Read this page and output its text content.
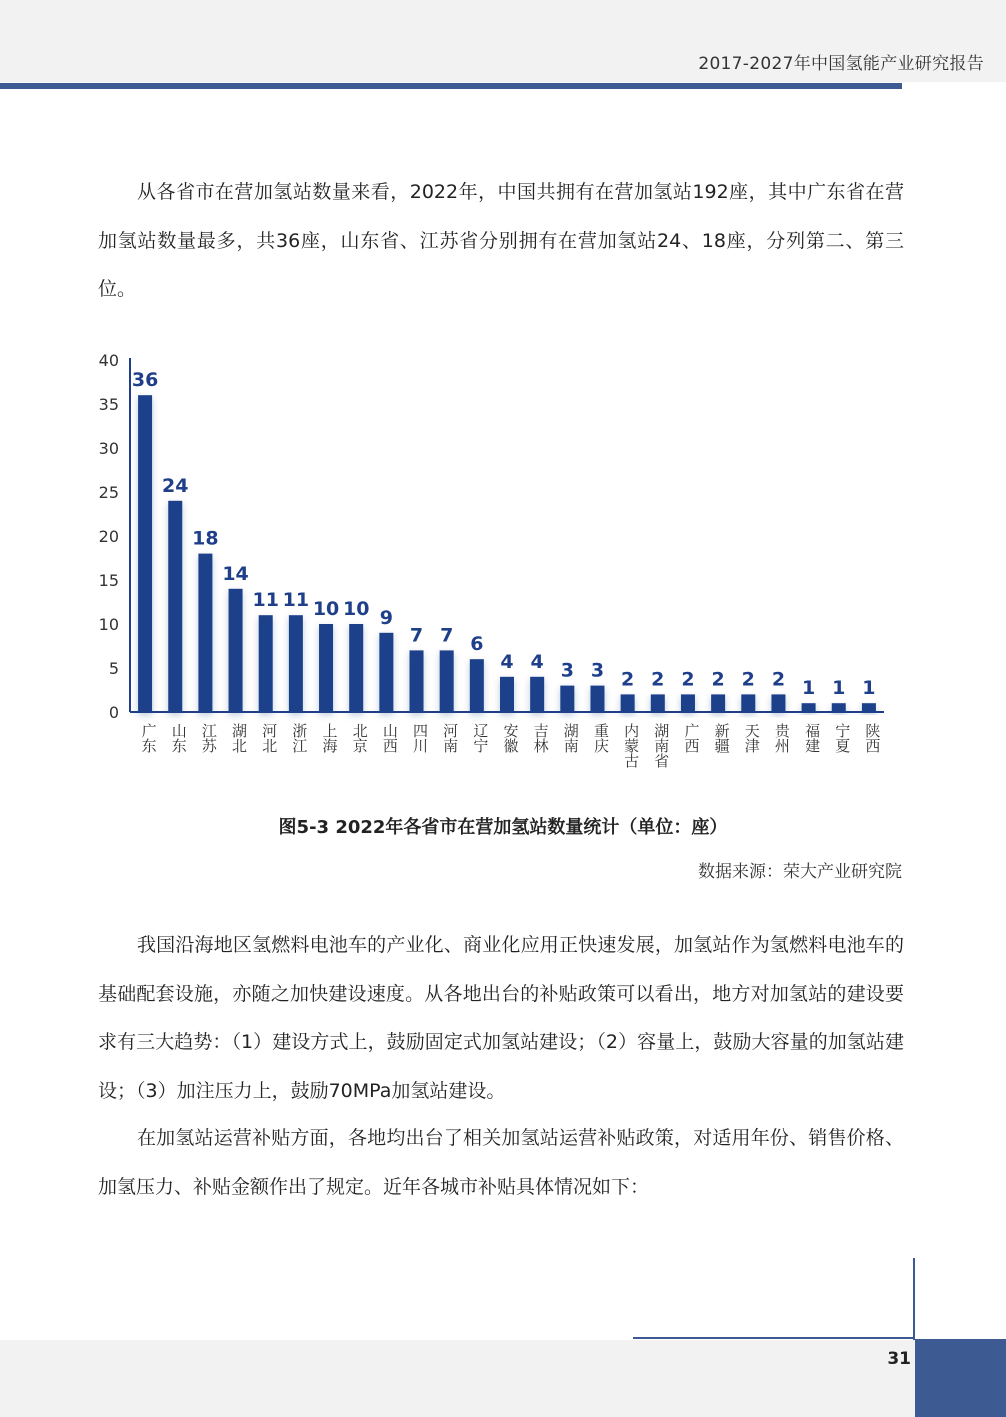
2017-2027年中国氢能产业研究报告

从各省市在营加氢站数量来看，2022年，中国共拥有在营加氢站192座，其中广东省在营加氢站数量最多，共36座，山东省、江苏省分别拥有在营加氢站24、18座，分列第二、第三位。

0
5
10
15
20
25
30
35
40
36
广东
24
山东
18
江苏
14
湖北
11
河北
11
浙江
10
上海
10
北京
9
山西
7
四川
7
河南
6
辽宁
4
安徽
4
吉林
3
湖南
3
重庆
2
内蒙古
2
湖南省
2
广西
2
新疆
2
天津
2
贵州
1
福建
1
宁夏
1
陕西
图5-3 2022年各省市在营加氢站数量统计（单位：座）
数据来源：荣大产业研究院

我国沿海地区氢燃料电池车的产业化、商业化应用正快速发展，加氢站作为氢燃料电池车的基础配套设施，亦随之加快建设速度。从各地出台的补贴政策可以看出，地方对加氢站的建设要求有三大趋势：（1）建设方式上，鼓励固定式加氢站建设；（2）容量上，鼓励大容量的加氢站建设；（3）加注压力上，鼓励70MPa加氢站建设。

在加氢站运营补贴方面，各地均出台了相关加氢站运营补贴政策，对适用年份、销售价格、加氢压力、补贴金额作出了规定。近年各城市补贴具体情况如下：

31
